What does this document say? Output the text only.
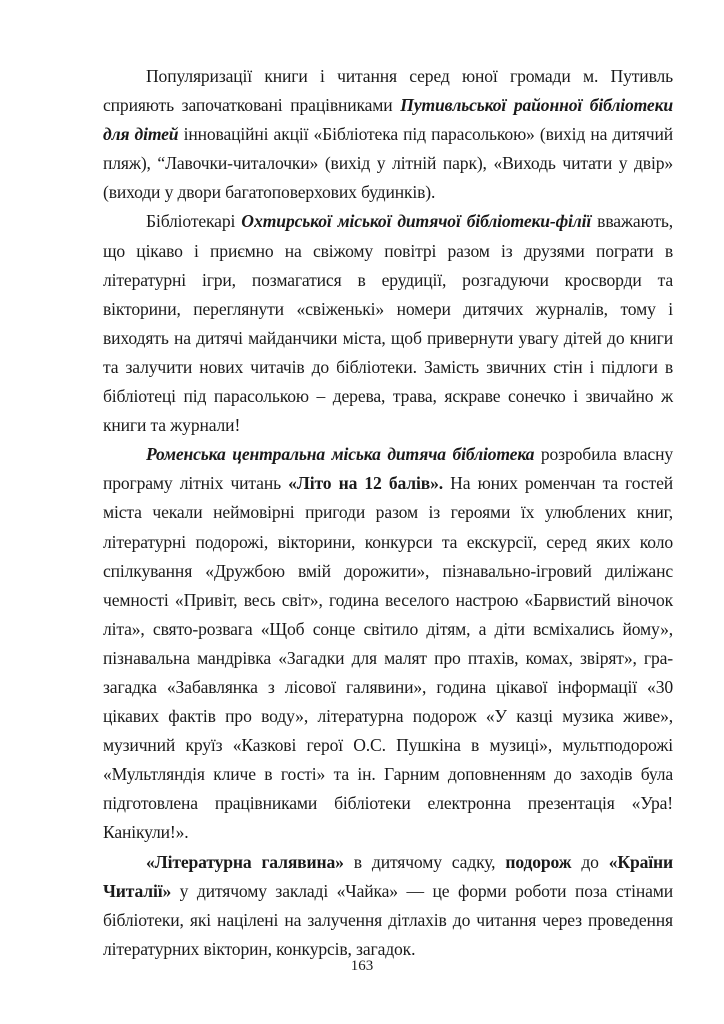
Популяризації книги і читання серед юної громади м. Путивль сприяють започатковані працівниками Путивльської районної бібліотеки для дітей інноваційні акції «Бібліотека під парасолькою» (вихід на дитячий пляж), “Лавочки-читалочки» (вихід у літній парк), «Виходь читати у двір» (виходи у двори багатоповерхових будинків).

Бібліотекарі Охтирської міської дитячої бібліотеки-філії вважають, що цікаво і приємно на свіжому повітрі разом із друзями пограти в літературні ігри, позмагатися в ерудиції, розгадуючи кросворди та вікторини, переглянути «свіженькі» номери дитячих журналів, тому і виходять на дитячі майданчики міста, щоб привернути увагу дітей до книги та залучити нових читачів до бібліотеки. Замість звичних стін і підлоги в бібліотеці під парасолькою – дерева, трава, яскраве сонечко і звичайно ж книги та журнали!

Роменська центральна міська дитяча бібліотека розробила власну програму літніх читань «Літо на 12 балів». На юних роменчан та гостей міста чекали неймовірні пригоди разом із героями їх улюблених книг, літературні подорожі, вікторини, конкурси та екскурсії, серед яких коло спілкування «Дружбою вмій дорожити», пізнавально-ігровий диліжанс чемності «Привіт, весь світ», година веселого настрою «Барвистий віночок літа», свято-розвага «Щоб сонце світило дітям, а діти всміхались йому», пізнавальна мандрівка «Загадки для малят про птахів, комах, звірят», гра-загадка «Забавлянка з лісової галявини», година цікавої інформації «30 цікавих фактів про воду», літературна подорож «У казці музика живе», музичний круїз «Казкові герої О.С. Пушкіна в музиці», мультподорожі «Мультляндія кличе в гості» та ін. Гарним доповненням до заходів була підготовлена працівниками бібліотеки електронна презентація «Ура! Канікули!».

«Літературна галявина» в дитячому садку, подорож до «Країни Читалії» у дитячому закладі «Чайка» — це форми роботи поза стінами бібліотеки, які націлені на залучення дітлахів до читання через проведення літературних вікторин, конкурсів, загадок.

163
